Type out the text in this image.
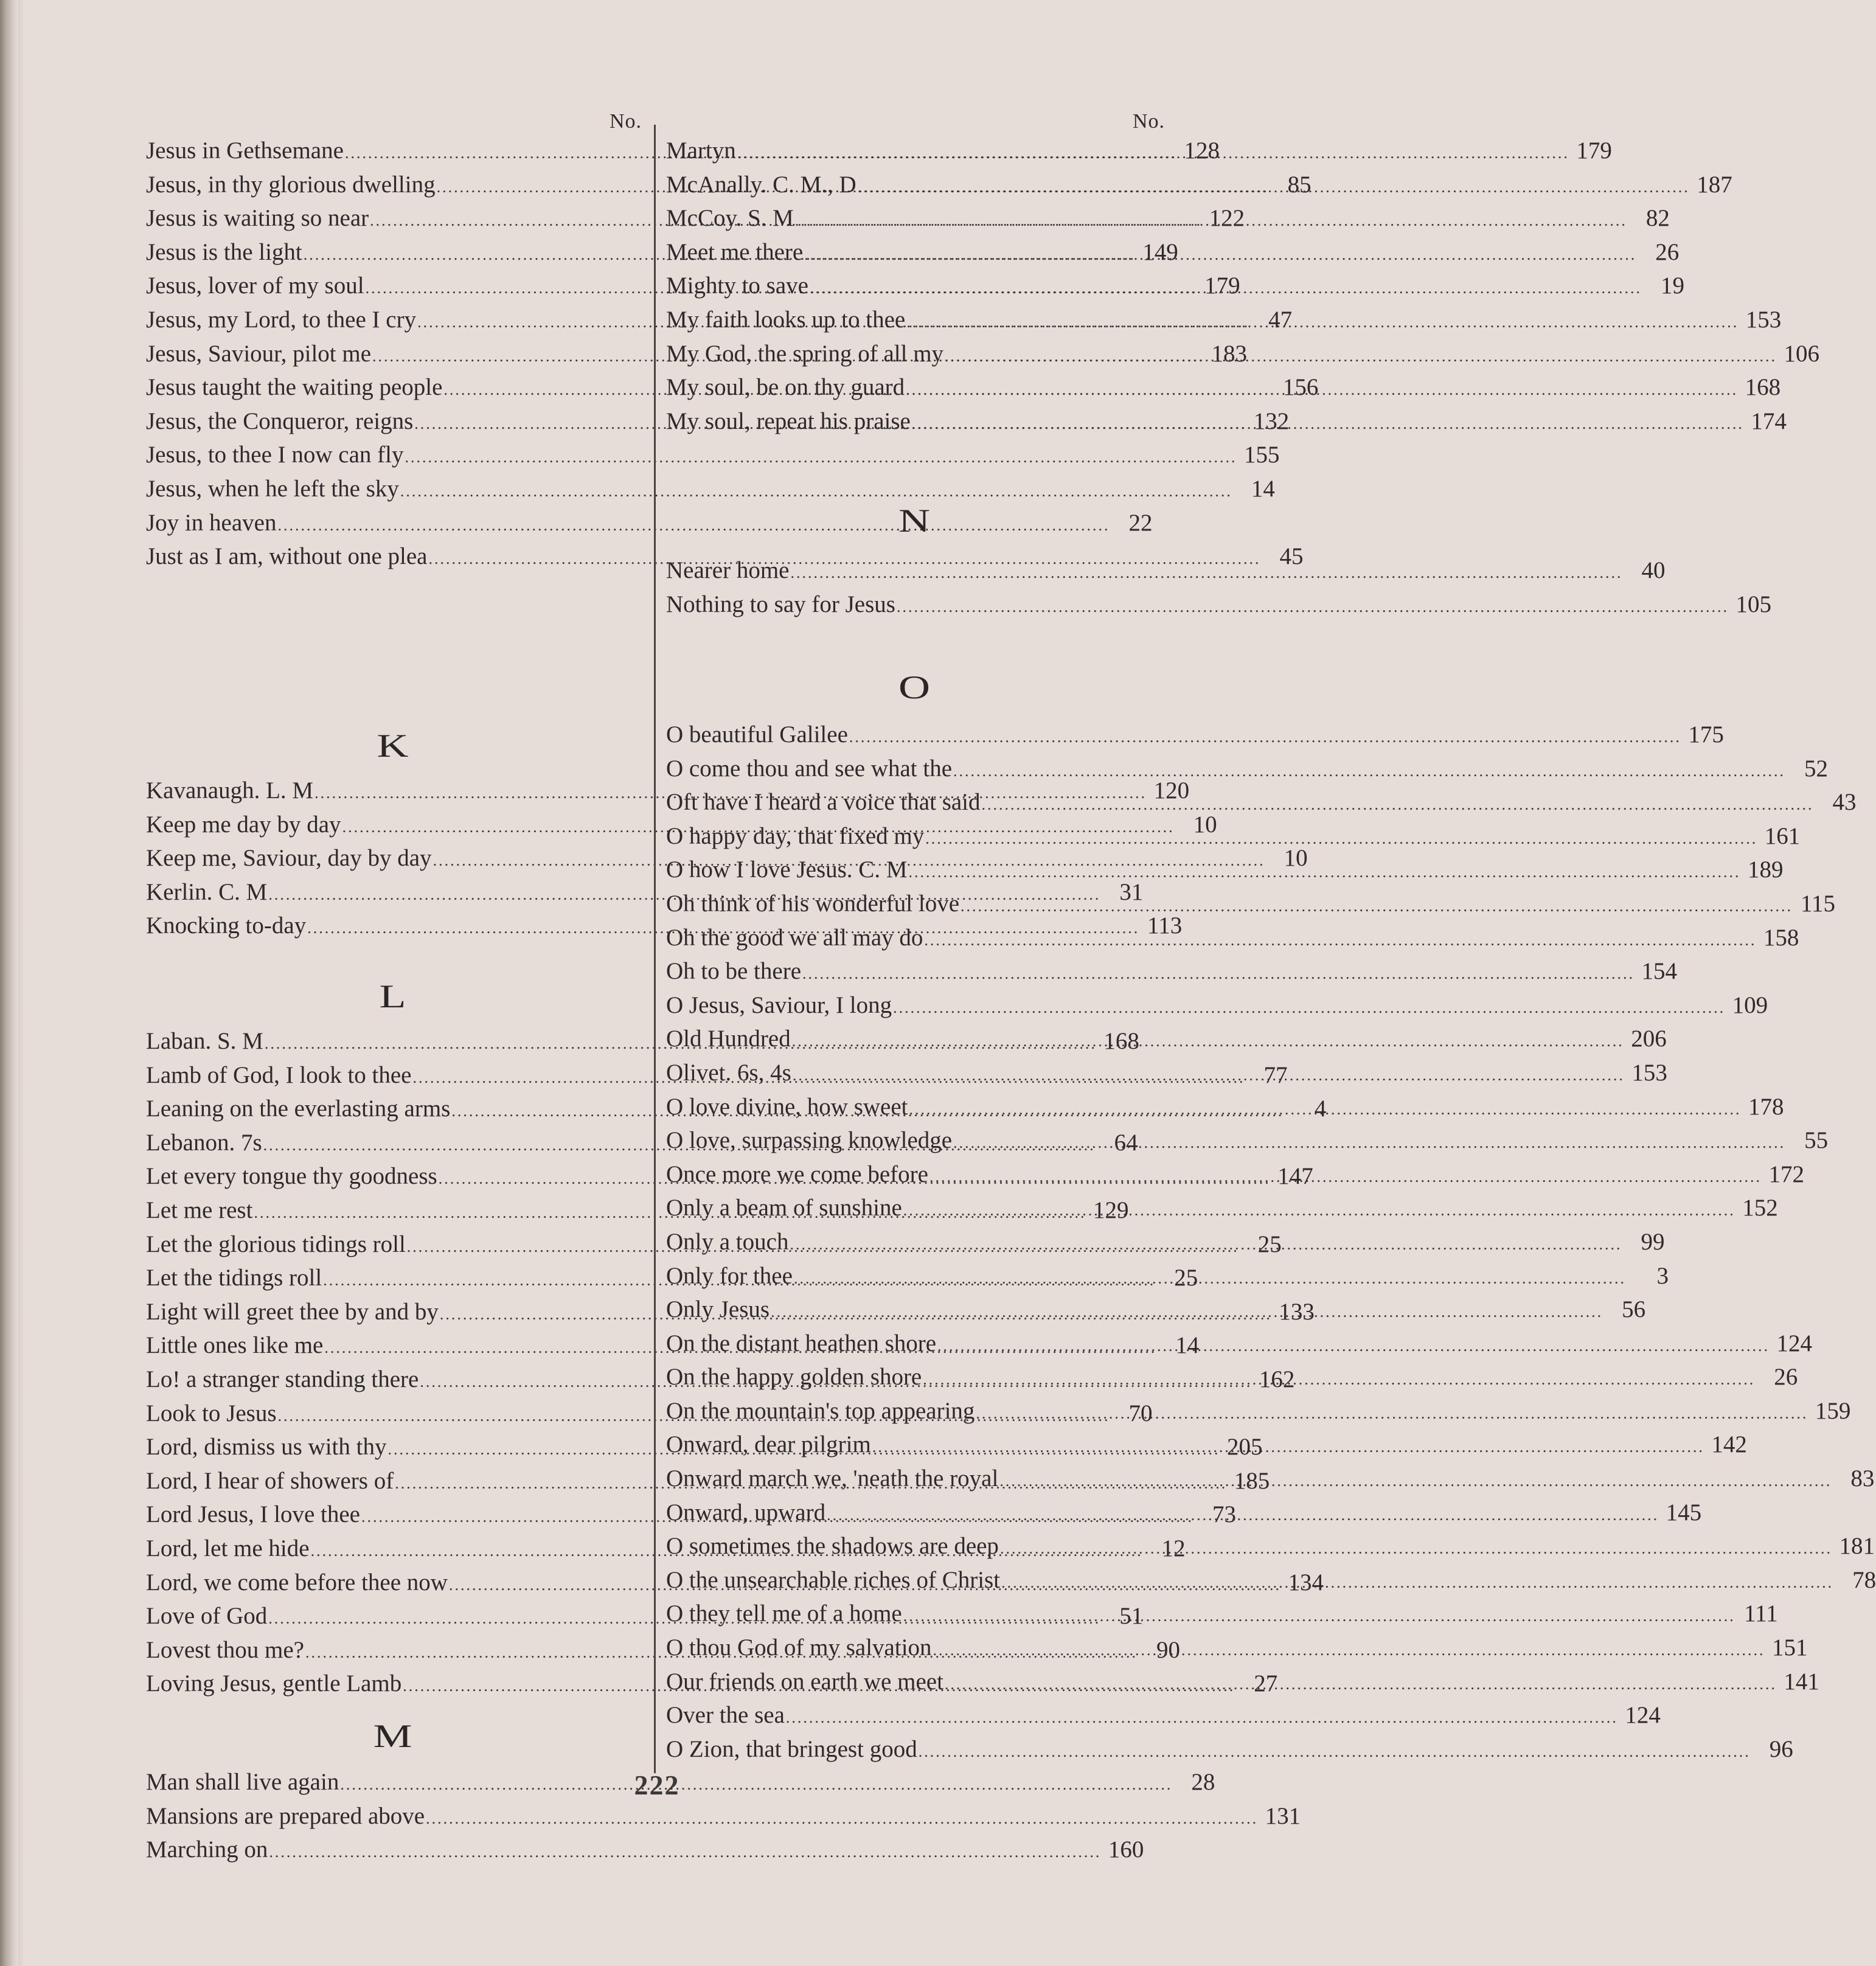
No.
Jesus in Gethsemane .....	128
Jesus, in thy glorious dwelling .....	85
Jesus is waiting so near .....	122
Jesus is the light .....	149
Jesus, lover of my soul .....	179
Jesus, my Lord, to thee I cry .....	47
Jesus, Saviour, pilot me .....	183
Jesus taught the waiting people .....	156
Jesus, the Conqueror, reigns .....	132
Jesus, to thee I now can fly .....	155
Jesus, when he left the sky .....	14
Joy in heaven .....	22
Just as I am, without one plea .....	45
K
Kavanaugh. L. M .....	120
Keep me day by day .....	10
Keep me, Saviour, day by day .....	10
Kerlin. C. M .....	31
Knocking to-day .....	113
L
Laban. S. M .....	168
Lamb of God, I look to thee .....	77
Leaning on the everlasting arms .....	4
Lebanon. 7s .....	64
Let every tongue thy goodness .....	147
Let me rest .....	129
Let the glorious tidings roll .....	25
Let the tidings roll .....	25
Light will greet thee by and by .....	133
Little ones like me .....	14
Lo! a stranger standing there .....	162
Look to Jesus .....	70
Lord, dismiss us with thy .....	205
Lord, I hear of showers of .....	185
Lord Jesus, I love thee .....	73
Lord, let me hide .....	12
Lord, we come before thee now .....	134
Love of God .....	51
Lovest thou me? .....	90
Loving Jesus, gentle Lamb .....	27
M
Man shall live again .....	28
Mansions are prepared above .....	131
Marching on .....	160
No.
Martyn .....	179
McAnally. C. M., D .....	187
McCoy. S. M .....	82
Meet me there .....	26
Mighty to save .....	19
My faith looks up to thee .....	153
My God, the spring of all my .....	106
My soul, be on thy guard .....	168
My soul, repeat his praise .....	174
N
Nearer home .....	40
Nothing to say for Jesus .....	105
O
O beautiful Galilee .....	175
O come thou and see what the .....	52
Oft have I heard a voice that said .....	43
O happy day, that fixed my .....	161
O how I love Jesus. C. M .....	189
Oh think of his wonderful love .....	115
Oh the good we all may do .....	158
Oh to be there .....	154
O Jesus, Saviour, I long .....	109
Old Hundred .....	206
Olivet. 6s, 4s .....	153
O love divine, how sweet .....	178
O love, surpassing knowledge .....	55
Once more we come before .....	172
Only a beam of sunshine .....	152
Only a touch .....	99
Only for thee .....	3
Only Jesus .....	56
On the distant heathen shore .....	124
On the happy golden shore .....	26
On the mountain's top appearing .....	159
Onward, dear pilgrim .....	142
Onward march we, 'neath the royal .....	83
Onward, upward .....	145
O sometimes the shadows are deep .....	181
O the unsearchable riches of Christ .....	78
O they tell me of a home .....	111
O thou God of my salvation .....	151
Our friends on earth we meet .....	141
Over the sea .....	124
O Zion, that bringest good .....	96
222
